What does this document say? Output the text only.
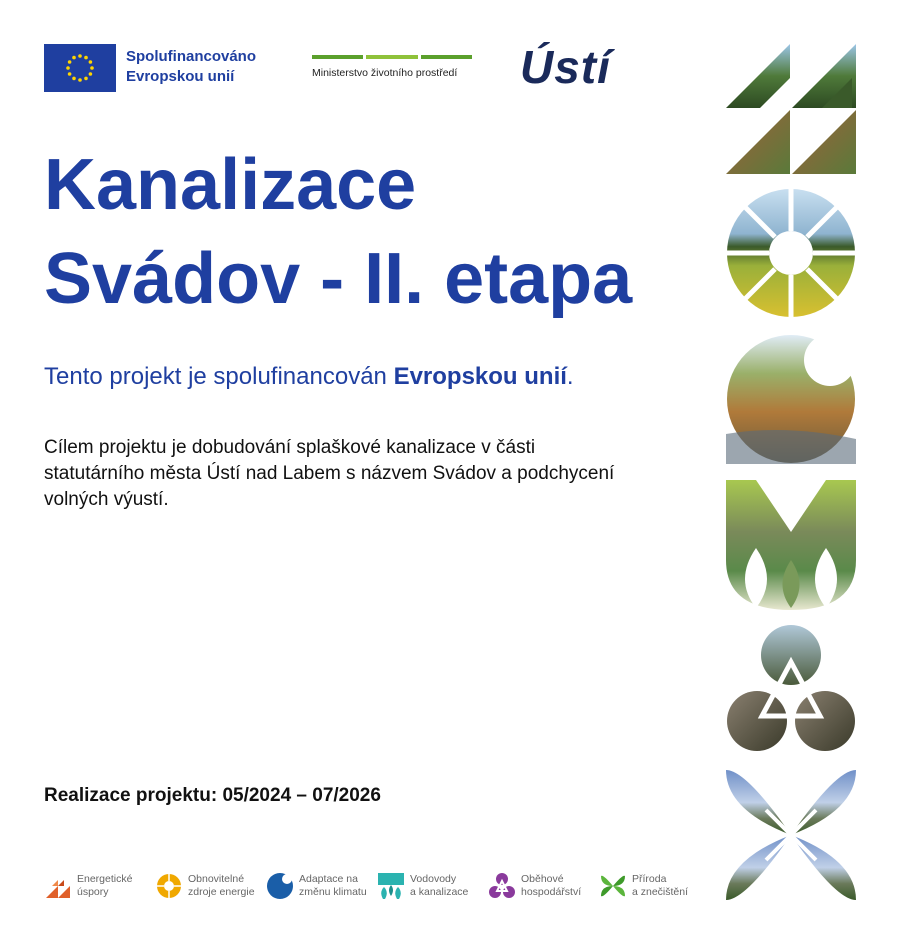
Spolufinancováno
Evropskou unií	Ministerstvo životního prostředí	Ústí
Kanalizace
Svádov - II. etapa
Tento projekt je spolufinancován Evropskou unií.
Cílem projektu je dobudování splaškové kanalizace v části
statutárního města Ústí nad Labem s názvem Svádov a podchycení
volných výustí.
Realizace projektu: 05/2024 – 07/2026
Energetické
úspory
Obnovitelné
zdroje energie
Adaptace na
změnu klimatu
Vodovody
a kanalizace
Oběhové
hospodářství
Příroda
a znečištění
